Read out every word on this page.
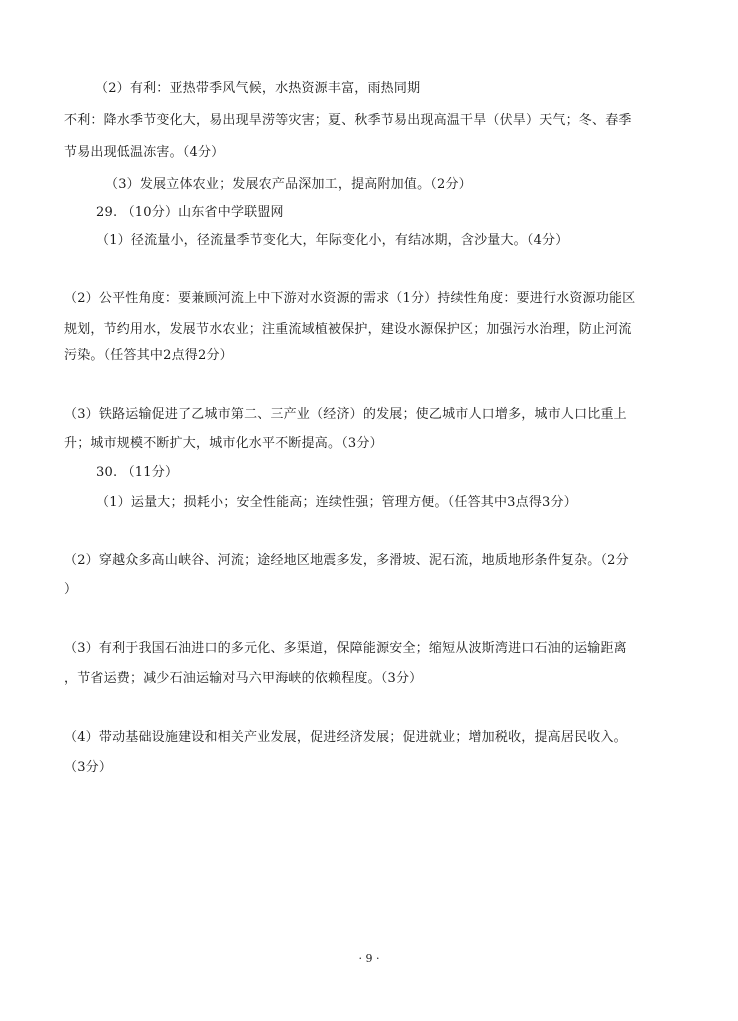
（2）有利：亚热带季风气候，水热资源丰富，雨热同期
不利：降水季节变化大，易出现旱涝等灾害；夏、秋季节易出现高温干旱（伏旱）天气；冬、春季
节易出现低温冻害。（4分）
（3）发展立体农业；发展农产品深加工，提高附加值。（2分）
29. （10分）山东省中学联盟网
（1）径流量小，径流量季节变化大，年际变化小，有结冰期，含沙量大。（4分）
（2）公平性角度：要兼顾河流上中下游对水资源的需求（1分）持续性角度：要进行水资源功能区
规划，节约用水，发展节水农业；注重流域植被保护，建设水源保护区；加强污水治理，防止河流
污染。（任答其中2点得2分）
（3）铁路运输促进了乙城市第二、三产业（经济）的发展；使乙城市人口增多，城市人口比重上
升；城市规模不断扩大，城市化水平不断提高。（3分）
30. （11分）
（1）运量大；损耗小；安全性能高；连续性强；管理方便。（任答其中3点得3分）
（2）穿越众多高山峡谷、河流；途经地区地震多发，多滑坡、泥石流，地质地形条件复杂。（2分
）
（3）有利于我国石油进口的多元化、多渠道，保障能源安全；缩短从波斯湾进口石油的运输距离
，节省运费；减少石油运输对马六甲海峡的依赖程度。（3分）
（4）带动基础设施建设和相关产业发展，促进经济发展；促进就业；增加税收，提高居民收入。
（3分）
· 9 ·
